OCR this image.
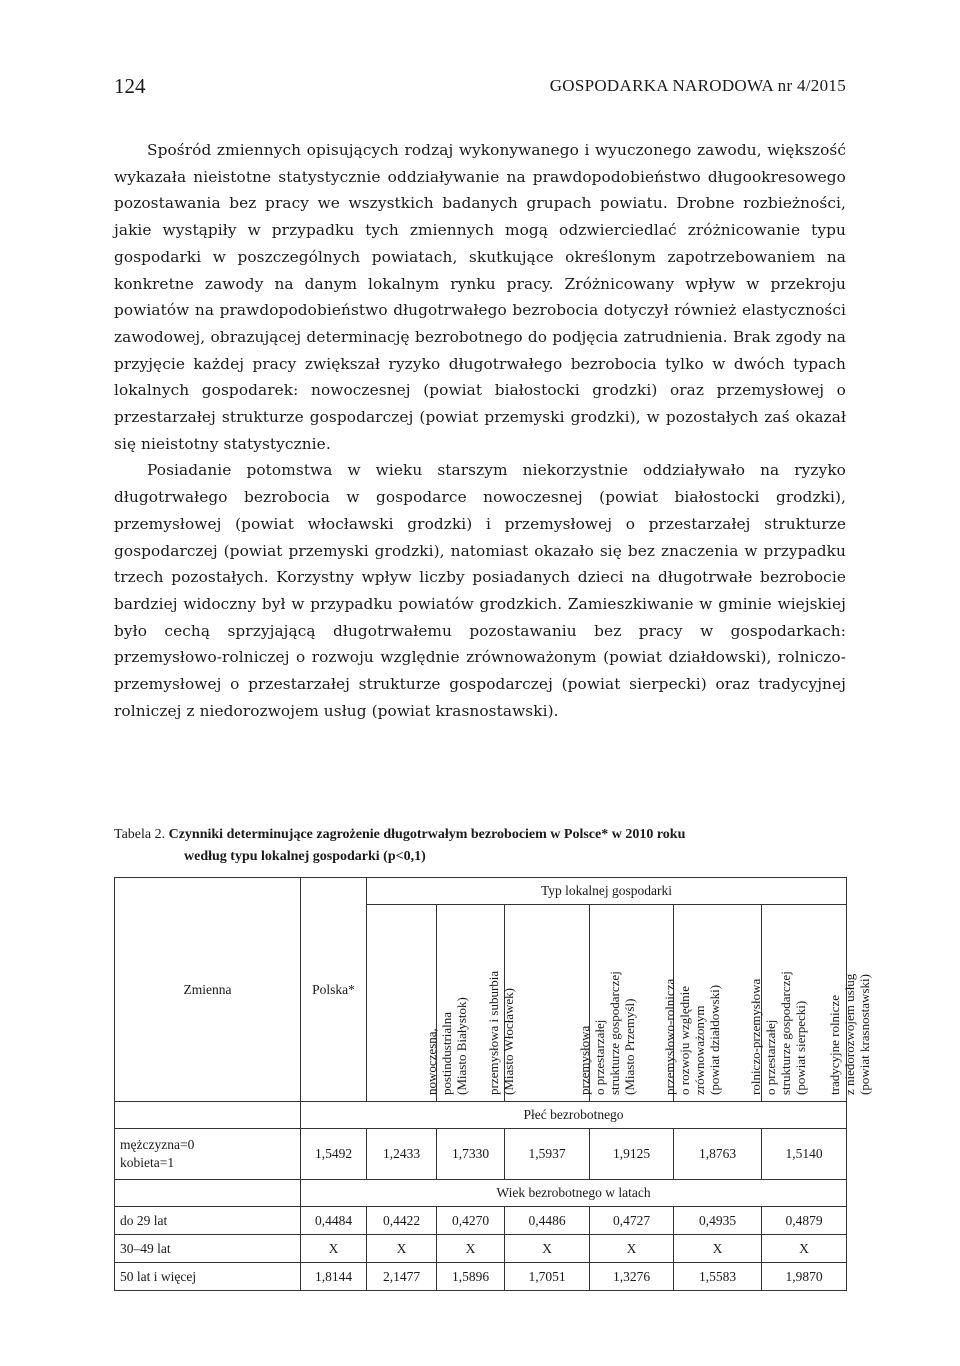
124	GOSPODARKA NARODOWA nr 4/2015

Spośród zmiennych opisujących rodzaj wykonywanego i wyuczonego zawodu, większość wykazała nieistotne statystycznie oddziaływanie na prawdopodobieństwo długookresowego pozostawania bez pracy we wszystkich badanych grupach powiatu. Drobne rozbieżności, jakie wystąpiły w przypadku tych zmiennych mogą odzwierciedlać zróżnicowanie typu gospodarki w poszczególnych powiatach, skutkujące określonym zapotrzebowaniem na konkretne zawody na danym lokalnym rynku pracy. Zróżnicowany wpływ w przekroju powiatów na prawdopodobieństwo długotrwałego bezrobocia dotyczył również elastyczności zawodowej, obrazującej determinację bezrobotnego do podjęcia zatrudnienia. Brak zgody na przyjęcie każdej pracy zwiększał ryzyko długotrwałego bezrobocia tylko w dwóch typach lokalnych gospodarek: nowoczesnej (powiat białostocki grodzki) oraz przemysłowej o przestarzałej strukturze gospodarczej (powiat przemyski grodzki), w pozostałych zaś okazał się nieistotny statystycznie.

Posiadanie potomstwa w wieku starszym niekorzystnie oddziaływało na ryzyko długotrwałego bezrobocia w gospodarce nowoczesnej (powiat białostocki grodzki), przemysłowej (powiat włocławski grodzki) i przemysłowej o przestarzałej strukturze gospodarczej (powiat przemyski grodzki), natomiast okazało się bez znaczenia w przypadku trzech pozostałych. Korzystny wpływ liczby posiadanych dzieci na długotrwałe bezrobocie bardziej widoczny był w przypadku powiatów grodzkich. Zamieszkiwanie w gminie wiejskiej było cechą sprzyjającą długotrwałemu pozostawaniu bez pracy w gospodarkach: przemysłowo-rolniczej o rozwoju względnie zrównoważonym (powiat działdowski), rolniczo-przemysłowej o przestarzałej strukturze gospodarczej (powiat sierpecki) oraz tradycyjnej rolniczej z niedorozwojem usług (powiat krasnostawski).

Tabela 2. Czynniki determinujące zagrożenie długotrwałym bezrobociem w Polsce* w 2010 roku
według typu lokalnej gospodarki (p<0,1)
Zmienna	Polska*	Typ lokalnej gospodarki					

		nowoczesna, postindustrialna (Miasto Białystok)	przemysłowa i suburbia (Miasto Włocławek)	przemysłowa o przestarzałej strukturze gospodarczej (Miasto Przemyśl)	przemysłowo-rolnicza o rozwoju względnie zrównoważonym (powiat działdowski)	rolniczo-przemysłowa o przestarzałej strukturze gospodarczej (powiat sierpecki)	tradycyjne rolnicze z niedorozwojem usług (powiat krasnostawski)

	Płeć bezrobotnego						

mężczyzna=0
kobieta=1	1,5492	1,2433	1,7330	1,5937	1,9125	1,8763	1,5140
	Wiek bezrobotnego w latach						

do 29 lat	0,4484	0,4422	0,4270	0,4486	0,4727	0,4935	0,4879

30–49 lat	X	X	X	X	X	X	X

50 lat i więcej	1,8144	2,1477	1,5896	1,7051	1,3276	1,5583	1,9870
